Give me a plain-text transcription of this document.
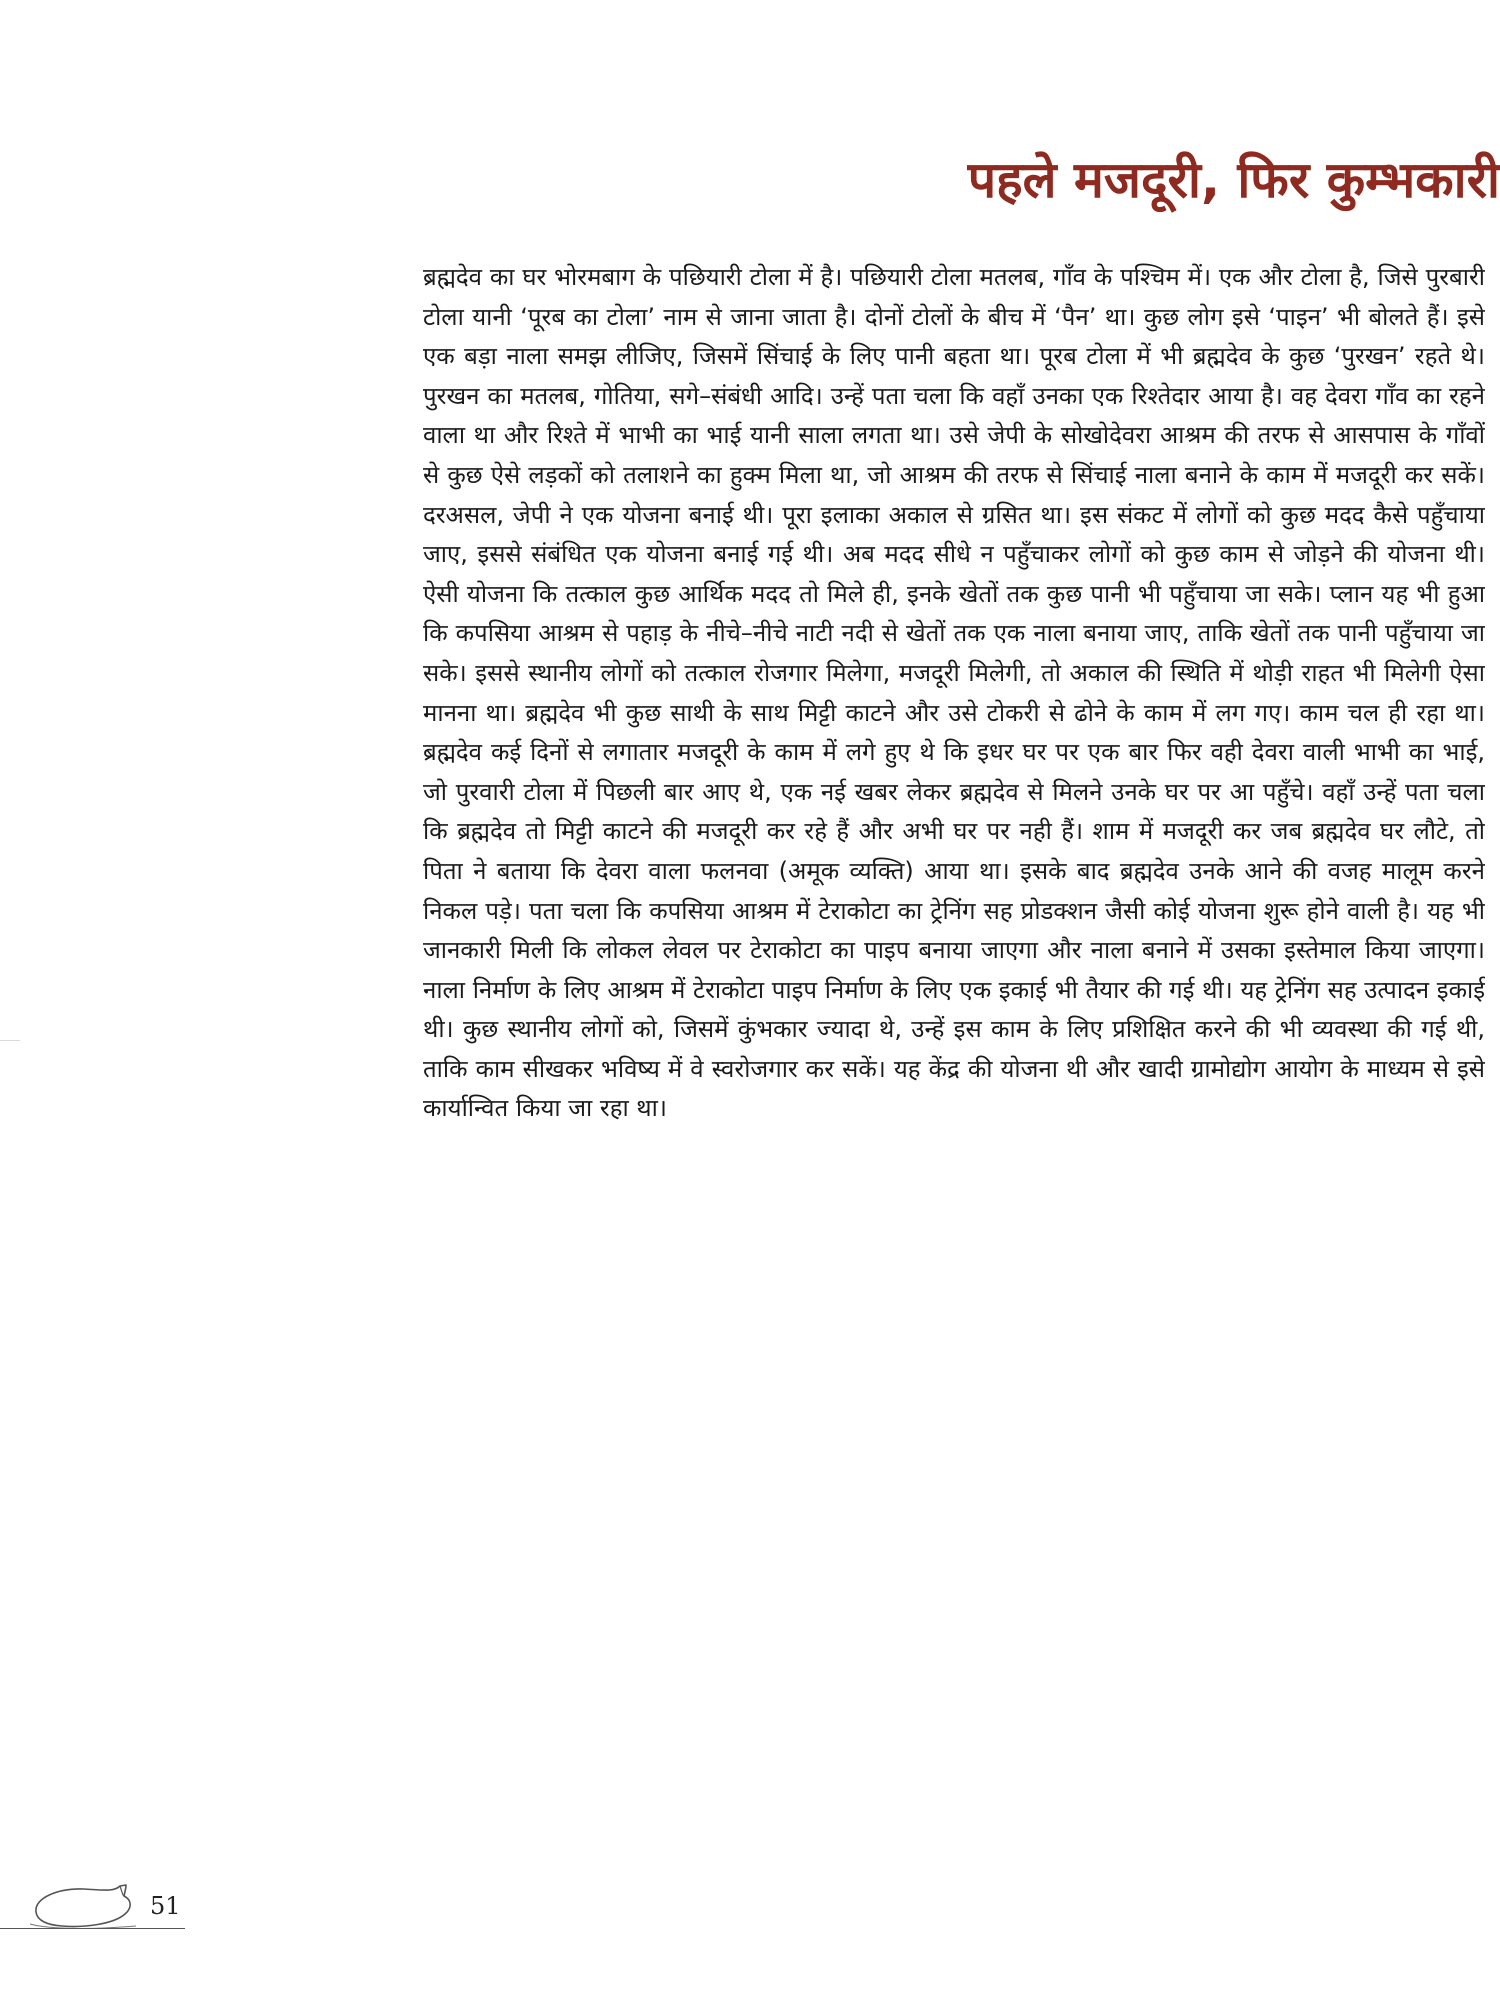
पहले मजदूरी, फिर कुम्भकारी

ब्रह्मदेव का घर भोरमबाग के पछियारी टोला में है। पछियारी टोला मतलब, गाँव के पश्चिम में। एक और टोला है, जिसे पुरबारी टोला यानी ‘पूरब का टोला’ नाम से जाना जाता है। दोनों टोलों के बीच में ‘पैन’ था। कुछ लोग इसे ‘पाइन’ भी बोलते हैं। इसे एक बड़ा नाला समझ लीजिए, जिसमें सिंचाई के लिए पानी बहता था। पूरब टोला में भी ब्रह्मदेव के कुछ ‘पुरखन’ रहते थे। पुरखन का मतलब, गोतिया, सगे–संबंधी आदि। उन्हें पता चला कि वहाँ उनका एक रिश्तेदार आया है। वह देवरा गाँव का रहने वाला था और रिश्ते में भाभी का भाई यानी साला लगता था। उसे जेपी के सोखोदेवरा आश्रम की तरफ से आसपास के गाँवों से कुछ ऐसे लड़कों को तलाशने का हुक्म मिला था, जो आश्रम की तरफ से सिंचाई नाला बनाने के काम में मजदूरी कर सकें। दरअसल, जेपी ने एक योजना बनाई थी। पूरा इलाका अकाल से ग्रसित था। इस संकट में लोगों को कुछ मदद कैसे पहुँचाया जाए, इससे संबंधित एक योजना बनाई गई थी। अब मदद सीधे न पहुँचाकर लोगों को कुछ काम से जोड़ने की योजना थी। ऐसी योजना कि तत्काल कुछ आर्थिक मदद तो मिले ही, इनके खेतों तक कुछ पानी भी पहुँचाया जा सके। प्लान यह भी हुआ कि कपसिया आश्रम से पहाड़ के नीचे–नीचे नाटी नदी से खेतों तक एक नाला बनाया जाए, ताकि खेतों तक पानी पहुँचाया जा सके। इससे स्थानीय लोगों को तत्काल रोजगार मिलेगा, मजदूरी मिलेगी, तो अकाल की स्थिति में थोड़ी राहत भी मिलेगी ऐसा मानना था। ब्रह्मदेव भी कुछ साथी के साथ मिट्टी काटने और उसे टोकरी से ढोने के काम में लग गए। काम चल ही रहा था। ब्रह्मदेव कई दिनों से लगातार मजदूरी के काम में लगे हुए थे कि इधर घर पर एक बार फिर वही देवरा वाली भाभी का भाई, जो पुरवारी टोला में पिछली बार आए थे, एक नई खबर लेकर ब्रह्मदेव से मिलने उनके घर पर आ पहुँचे। वहाँ उन्हें पता चला कि ब्रह्मदेव तो मिट्टी काटने की मजदूरी कर रहे हैं और अभी घर पर नही हैं। शाम में मजदूरी कर जब ब्रह्मदेव घर लौटे, तो पिता ने बताया कि देवरा वाला फलनवा (अमूक व्यक्ति) आया था। इसके बाद ब्रह्मदेव उनके आने की वजह मालूम करने निकल पड़े। पता चला कि कपसिया आश्रम में टेराकोटा का ट्रेनिंग सह प्रोडक्शन जैसी कोई योजना शुरू होने वाली है। यह भी जानकारी मिली कि लोकल लेवल पर टेराकोटा का पाइप बनाया जाएगा और नाला बनाने में उसका इस्तेमाल किया जाएगा। नाला निर्माण के लिए आश्रम में टेराकोटा पाइप निर्माण के लिए एक इकाई भी तैयार की गई थी। यह ट्रेनिंग सह उत्पादन इकाई थी। कुछ स्थानीय लोगों को, जिसमें कुंभकार ज्यादा थे, उन्हें इस काम के लिए प्रशिक्षित करने की भी व्यवस्था की गई थी, ताकि काम सीखकर भविष्य में वे स्वरोजगार कर सकें। यह केंद्र की योजना थी और खादी ग्रामोद्योग आयोग के माध्यम से इसे कार्यान्वित किया जा रहा था।

51
